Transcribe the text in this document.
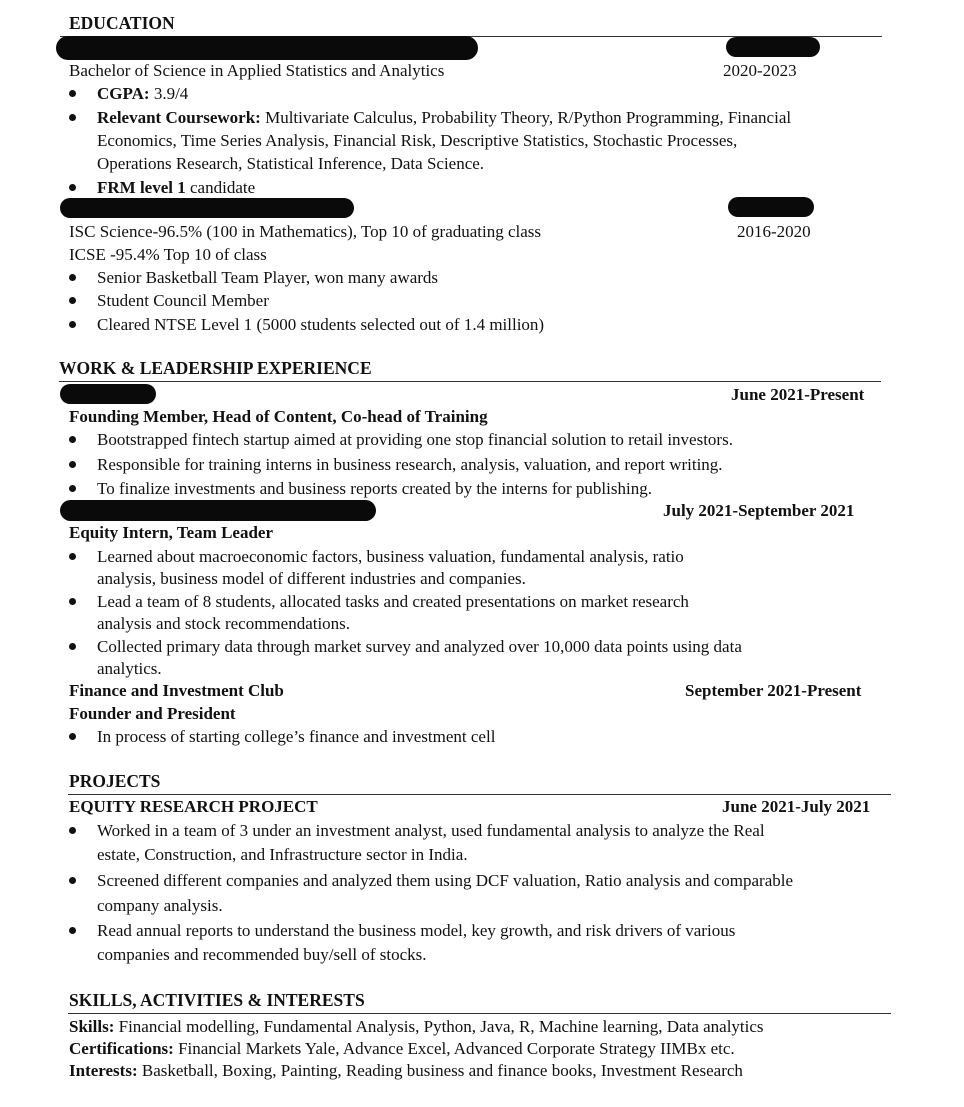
EDUCATION
Bachelor of Science in Applied Statistics and Analytics	2020-2023
CGPA: 3.9/4
Relevant Coursework: Multivariate Calculus, Probability Theory, R/Python Programming, Financial
Economics, Time Series Analysis, Financial Risk, Descriptive Statistics, Stochastic Processes,
Operations Research, Statistical Inference, Data Science.
FRM level 1 candidate
ISC Science-96.5% (100 in Mathematics), Top 10 of graduating class	2016-2020
ICSE -95.4% Top 10 of class
Senior Basketball Team Player, won many awards
Student Council Member
Cleared NTSE Level 1 (5000 students selected out of 1.4 million)
WORK & LEADERSHIP EXPERIENCE
June 2021-Present
Founding Member, Head of Content, Co-head of Training
Bootstrapped fintech startup aimed at providing one stop financial solution to retail investors.
Responsible for training interns in business research, analysis, valuation, and report writing.
To finalize investments and business reports created by the interns for publishing.
July 2021-September 2021
Equity Intern, Team Leader
Learned about macroeconomic factors, business valuation, fundamental analysis, ratio
analysis, business model of different industries and companies.
Lead a team of 8 students, allocated tasks and created presentations on market research
analysis and stock recommendations.
Collected primary data through market survey and analyzed over 10,000 data points using data
analytics.
Finance and Investment Club	September 2021-Present
Founder and President
In process of starting college’s finance and investment cell
PROJECTS
EQUITY RESEARCH PROJECT	June 2021-July 2021
Worked in a team of 3 under an investment analyst, used fundamental analysis to analyze the Real
estate, Construction, and Infrastructure sector in India.
Screened different companies and analyzed them using DCF valuation, Ratio analysis and comparable
company analysis.
Read annual reports to understand the business model, key growth, and risk drivers of various
companies and recommended buy/sell of stocks.
SKILLS, ACTIVITIES & INTERESTS
Skills: Financial modelling, Fundamental Analysis, Python, Java, R, Machine learning, Data analytics
Certifications: Financial Markets Yale, Advance Excel, Advanced Corporate Strategy IIMBx etc.
Interests: Basketball, Boxing, Painting, Reading business and finance books, Investment Research
